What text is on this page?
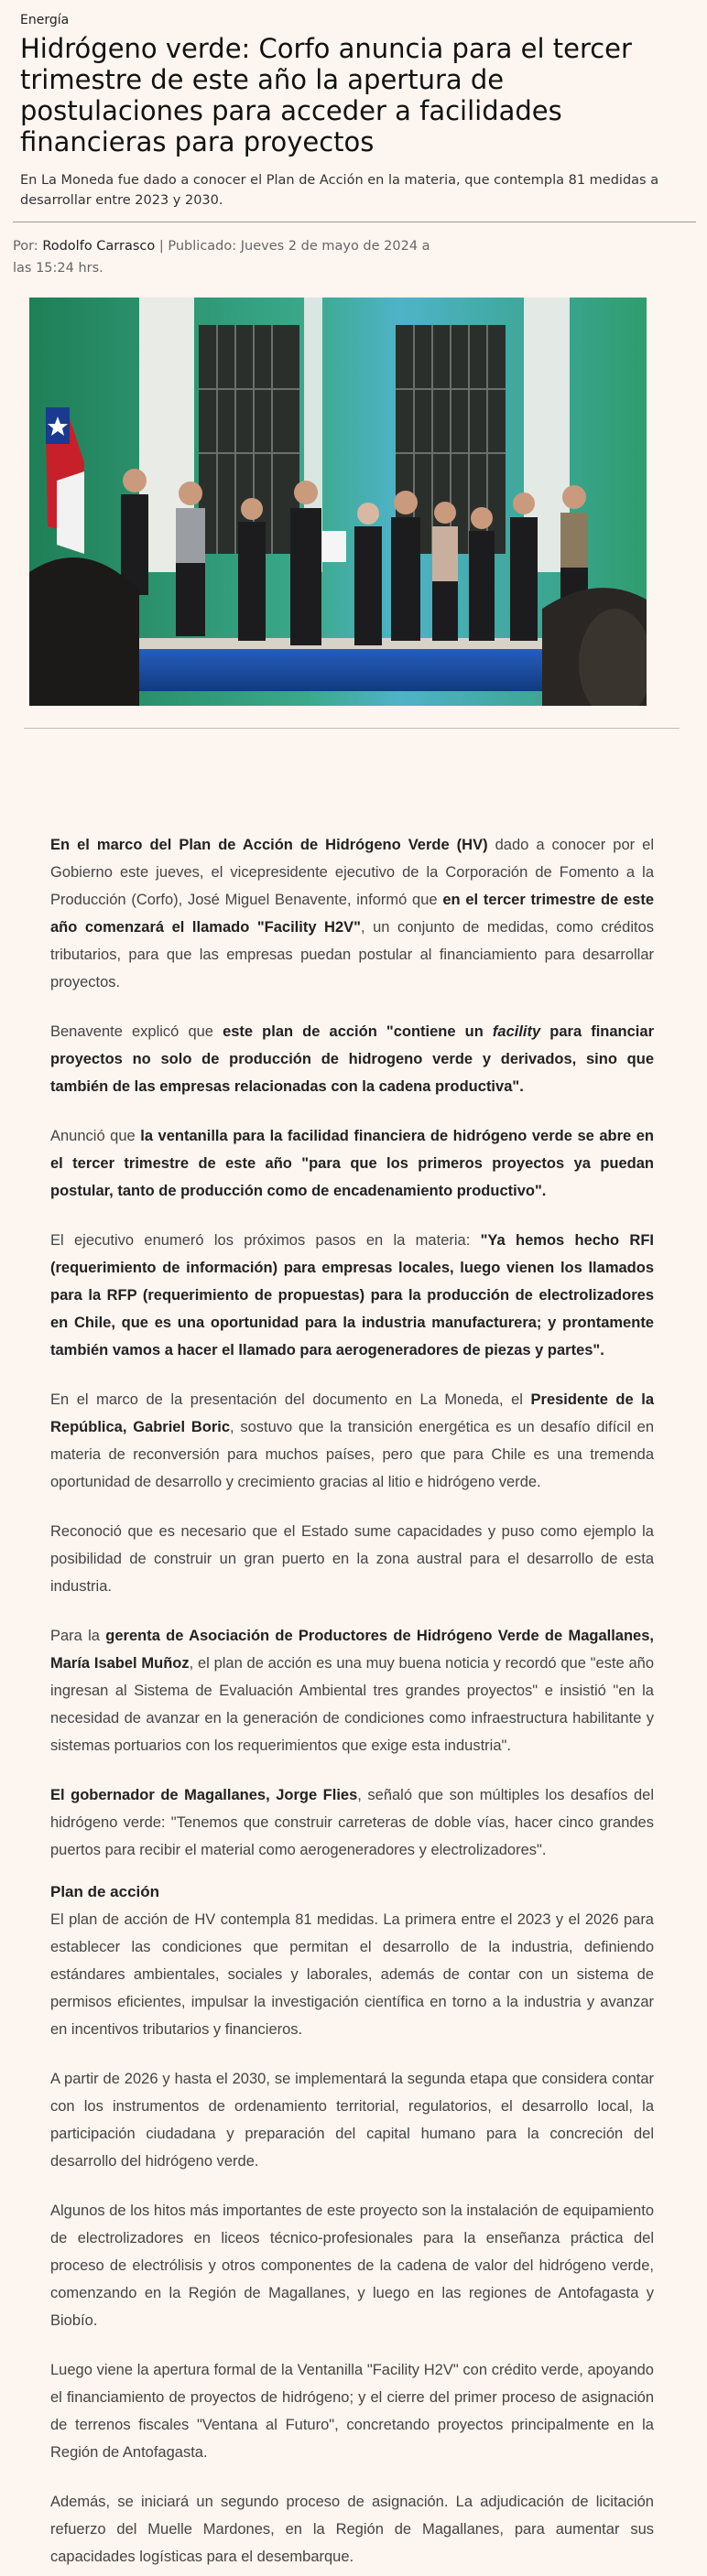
Energía
Hidrógeno verde: Corfo anuncia para el tercer trimestre de este año la apertura de postulaciones para acceder a facilidades financieras para proyectos
En La Moneda fue dado a conocer el Plan de Acción en la materia, que contempla 81 medidas a desarrollar entre 2023 y 2030.
Por: Rodolfo Carrasco | Publicado: Jueves 2 de mayo de 2024 a las 15:24 hrs.

En el marco del Plan de Acción de Hidrógeno Verde (HV) dado a conocer por el Gobierno este jueves, el vicepresidente ejecutivo de la Corporación de Fomento a la Producción (Corfo), José Miguel Benavente, informó que en el tercer trimestre de este año comenzará el llamado "Facility H2V", un conjunto de medidas, como créditos tributarios, para que las empresas puedan postular al financiamiento para desarrollar proyectos.

Benavente explicó que este plan de acción "contiene un facility para financiar proyectos no solo de producción de hidrogeno verde y derivados, sino que también de las empresas relacionadas con la cadena productiva".

Anunció que la ventanilla para la facilidad financiera de hidrógeno verde se abre en el tercer trimestre de este año "para que los primeros proyectos ya puedan postular, tanto de producción como de encadenamiento productivo".

El ejecutivo enumeró los próximos pasos en la materia: "Ya hemos hecho RFI (requerimiento de información) para empresas locales, luego vienen los llamados para la RFP (requerimiento de propuestas) para la producción de electrolizadores en Chile, que es una oportunidad para la industria manufacturera; y prontamente también vamos a hacer el llamado para aerogeneradores de piezas y partes".

En el marco de la presentación del documento en La Moneda, el Presidente de la República, Gabriel Boric, sostuvo que la transición energética es un desafío difícil en materia de reconversión para muchos países, pero que para Chile es una tremenda oportunidad de desarrollo y crecimiento gracias al litio e hidrógeno verde.

Reconoció que es necesario que el Estado sume capacidades y puso como ejemplo la posibilidad de construir un gran puerto en la zona austral para el desarrollo de esta industria.

Para la gerenta de Asociación de Productores de Hidrógeno Verde de Magallanes, María Isabel Muñoz, el plan de acción es una muy buena noticia y recordó que "este año ingresan al Sistema de Evaluación Ambiental tres grandes proyectos" e insistió "en la necesidad de avanzar en la generación de condiciones como infraestructura habilitante y sistemas portuarios con los requerimientos que exige esta industria".

El gobernador de Magallanes, Jorge Flies, señaló que son múltiples los desafíos del hidrógeno verde: "Tenemos que construir carreteras de doble vías, hacer cinco grandes puertos para recibir el material como aerogeneradores y electrolizadores".

Plan de acción

El plan de acción de HV contempla 81 medidas. La primera entre el 2023 y el 2026 para establecer las condiciones que permitan el desarrollo de la industria, definiendo estándares ambientales, sociales y laborales, además de contar con un sistema de permisos eficientes, impulsar la investigación científica en torno a la industria y avanzar en incentivos tributarios y financieros.

A partir de 2026 y hasta el 2030, se implementará la segunda etapa que considera contar con los instrumentos de ordenamiento territorial, regulatorios, el desarrollo local, la participación ciudadana y preparación del capital humano para la concreción del desarrollo del hidrógeno verde.

Algunos de los hitos más importantes de este proyecto son la instalación de equipamiento de electrolizadores en liceos técnico-profesionales para la enseñanza práctica del proceso de electrólisis y otros componentes de la cadena de valor del hidrógeno verde, comenzando en la Región de Magallanes, y luego en las regiones de Antofagasta y Biobío.

Luego viene la apertura formal de la Ventanilla "Facility H2V" con crédito verde, apoyando el financiamiento de proyectos de hidrógeno; y el cierre del primer proceso de asignación de terrenos fiscales "Ventana al Futuro", concretando proyectos principalmente en la Región de Antofagasta.

Además, se iniciará un segundo proceso de asignación. La adjudicación de licitación refuerzo del Muelle Mardones, en la Región de Magallanes, para aumentar sus capacidades logísticas para el desembarque.
